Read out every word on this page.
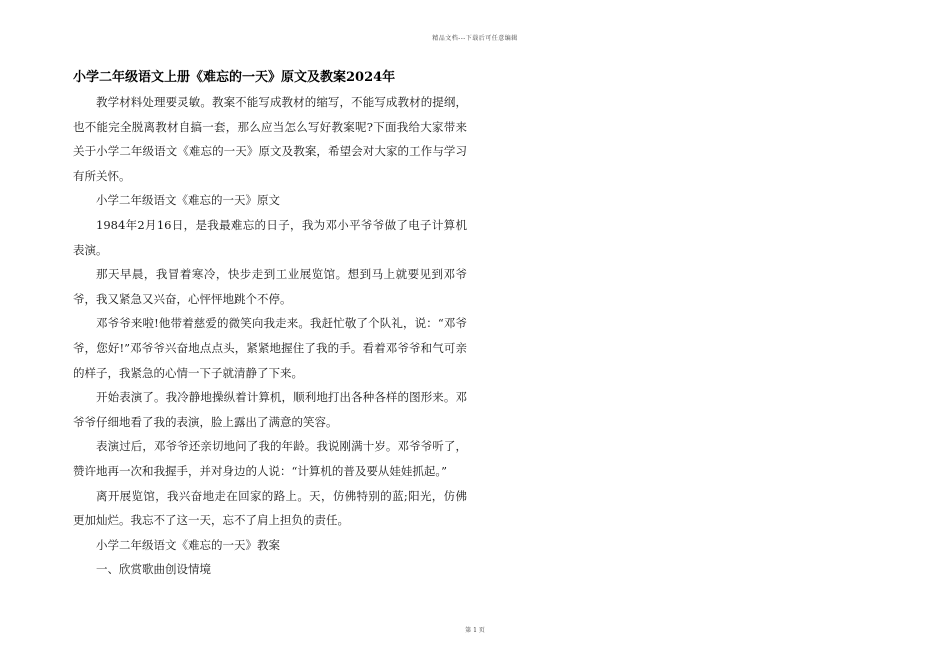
精品文档---下载后可任意编辑
小学二年级语文上册《难忘的一天》原文及教案2024年

教学材料处理要灵敏。教案不能写成教材的缩写，不能写成教材的提纲，也不能完全脱离教材自搞一套，那么应当怎么写好教案呢?下面我给大家带来关于小学二年级语文《难忘的一天》原文及教案，希望会对大家的工作与学习有所关怀。

小学二年级语文《难忘的一天》原文

1984年2月16日，是我最难忘的日子，我为邓小平爷爷做了电子计算机表演。

那天早晨，我冒着寒冷，快步走到工业展览馆。想到马上就要见到邓爷爷，我又紧急又兴奋，心怦怦地跳个不停。

邓爷爷来啦!他带着慈爱的微笑向我走来。我赶忙敬了个队礼，说：“邓爷爷，您好!”邓爷爷兴奋地点点头，紧紧地握住了我的手。看着邓爷爷和气可亲的样子，我紧急的心情一下子就清静了下来。

开始表演了。我冷静地操纵着计算机，顺利地打出各种各样的图形来。邓爷爷仔细地看了我的表演，脸上露出了满意的笑容。

表演过后，邓爷爷还亲切地问了我的年龄。我说刚满十岁。邓爷爷听了，赞许地再一次和我握手，并对身边的人说：“计算机的普及要从娃娃抓起。”

离开展览馆，我兴奋地走在回家的路上。天，仿佛特别的蓝;阳光，仿佛更加灿烂。我忘不了这一天，忘不了肩上担负的责任。

小学二年级语文《难忘的一天》教案

一、欣赏歌曲创设情境

第 1 页
